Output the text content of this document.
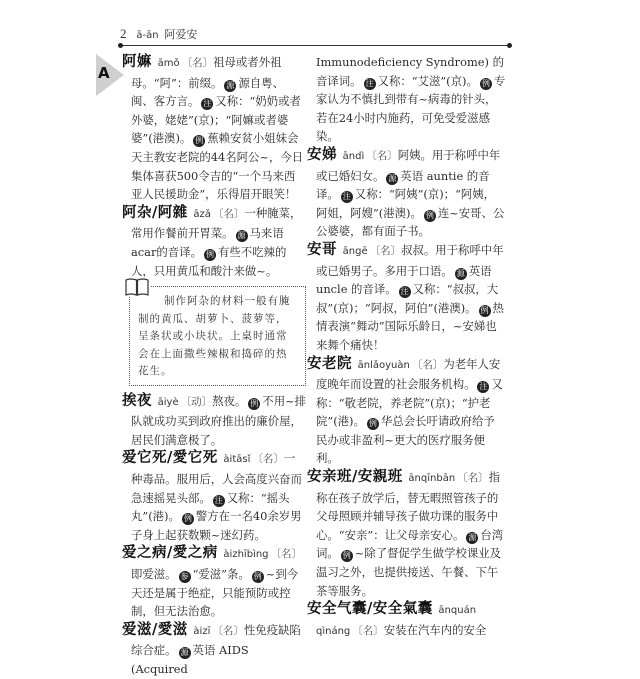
2 ā-ān 阿爱安
A

阿嫲 āmǒ 〔名〕祖母或者外祖母。“阿”：前缀。 源 源自粤、闽、客方言。 注 又称：“奶奶或者外婆，姥姥”(京)；“阿嫲或者婆婆”(港澳)。 例 蕉赖安贫小姐妹会天主教安老院的44名阿公~，今日集体喜获500令吉的“一个马来西亚人民援助金”，乐得眉开眼笑！

阿杂/阿雜 āzǎ 〔名〕一种腌菜，常用作餐前开胃菜。 源 马来语acar的音译。 例 有些不吃辣的人，只用黄瓜和酸汁来做~。

制作阿杂的材料一般有腌制的黄瓜、胡萝卜、菠萝等，呈条状或小块状。上桌时通常会在上面撒些辣椒和捣碎的热花生。

挨夜 āiyè 〔动〕熬夜。 例 不用~排队就成功买到政府推出的廉价屋，居民们满意极了。

爱它死/愛它死 àitāsǐ 〔名〕一种毒品。服用后，人会高度兴奋而急速摇晃头部。 注 又称：“摇头丸”(港)。 例 警方在一名40余岁男子身上起获数颗~迷幻药。

爱之病/愛之病 àizhībìng 〔名〕即爱滋。 参 “爱滋”条。 例 ~到今天还是属于绝症，只能预防或控制，但无法治愈。

爱滋/愛滋 àizī 〔名〕性免疫缺陷综合症。 源 英语 AIDS (Acquired

Immunodeficiency Syndrome) 的音译词。 注 又称：“艾滋”(京)。 例 专家认为不慎扎到带有~病毒的针头，若在24小时内施药，可免受爱滋感染。

安娣 āndì 〔名〕阿姨。用于称呼中年或已婚妇女。 源 英语 auntie 的音译。 注 又称：“阿姨”(京)；“阿姨，阿姐，阿嫂”(港澳)。 例 连~安哥、公公婆婆，都有面子书。

安哥 āngē 〔名〕叔叔。用于称呼中年或已婚男子。多用于口语。 源 英语 uncle 的音译。 注 又称：“叔叔，大叔”(京)；“阿叔，阿伯”(港澳)。 例 热情表演“舞动”国际乐龄日，~安娣也来舞个痛快！

安老院 ānlǎoyuàn 〔名〕为老年人安度晚年而设置的社会服务机构。 注 又称：“敬老院，养老院”(京)；“护老院”(港)。 例 华总会长吁请政府给予民办或非盈利~更大的医疗服务便利。

安亲班/安親班 ānqīnbān 〔名〕指称在孩子放学后，替无暇照管孩子的父母照顾并辅导孩子做功课的服务中心。“安亲”：让父母亲安心。 源 台湾词。 例 ~除了督促学生做学校课业及温习之外，也提供接送、午餐、下午茶等服务。

安全气囊/安全氣囊 ānquán qìnáng 〔名〕安装在汽车内的安全
